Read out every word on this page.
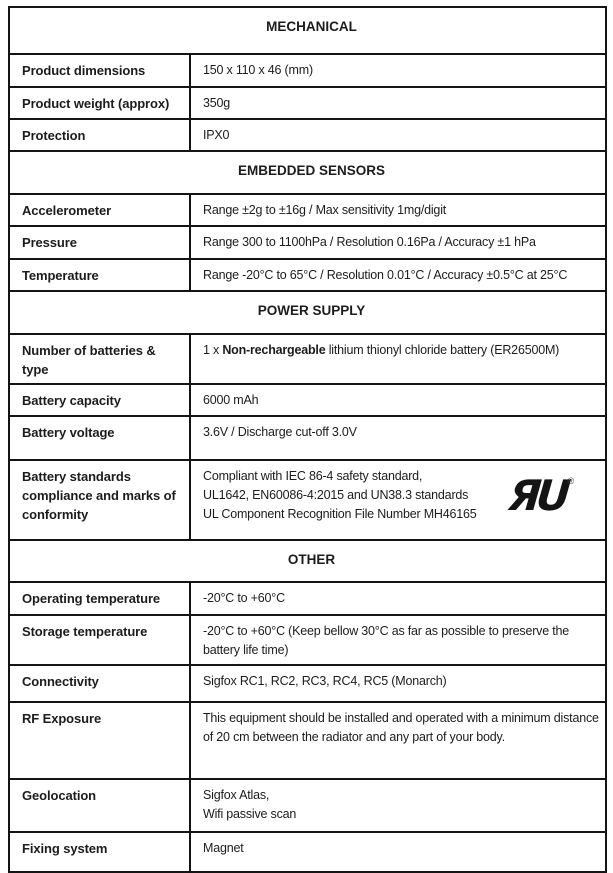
MECHANICAL	
Product dimensions	150 x 110 x 46 (mm)
Product weight (approx)	350g
Protection	IPX0
EMBEDDED SENSORS	
Accelerometer	Range ±2g to ±16g / Max sensitivity 1mg/digit
Pressure	Range 300 to 1100hPa / Resolution 0.16Pa / Accuracy ±1 hPa
Temperature	Range -20°C to 65°C / Resolution 0.01°C / Accuracy ±0.5°C at 25°C
POWER SUPPLY	
Number of batteries & type	1 x Non-rechargeable lithium thionyl chloride battery (ER26500M)
Battery capacity	6000 mAh
Battery voltage	3.6V / Discharge cut-off 3.0V
Battery standards compliance and marks of conformity	Compliant with IEC 86-4 safety standard,
UL1642, EN60086-4:2015 and UN38.3 standards
UL Component Recognition File Number MH46165 ЯU ®

OTHER	
Operating temperature	-20°C to +60°C
Storage temperature	-20°C to +60°C (Keep bellow 30°C as far as possible to preserve the battery life time)
Connectivity	Sigfox RC1, RC2, RC3, RC4, RC5 (Monarch)
RF Exposure	This equipment should be installed and operated with a minimum distance of 20 cm between the radiator and any part of your body.
Geolocation	Sigfox Atlas,
Wifi passive scan

Fixing system	Magnet
